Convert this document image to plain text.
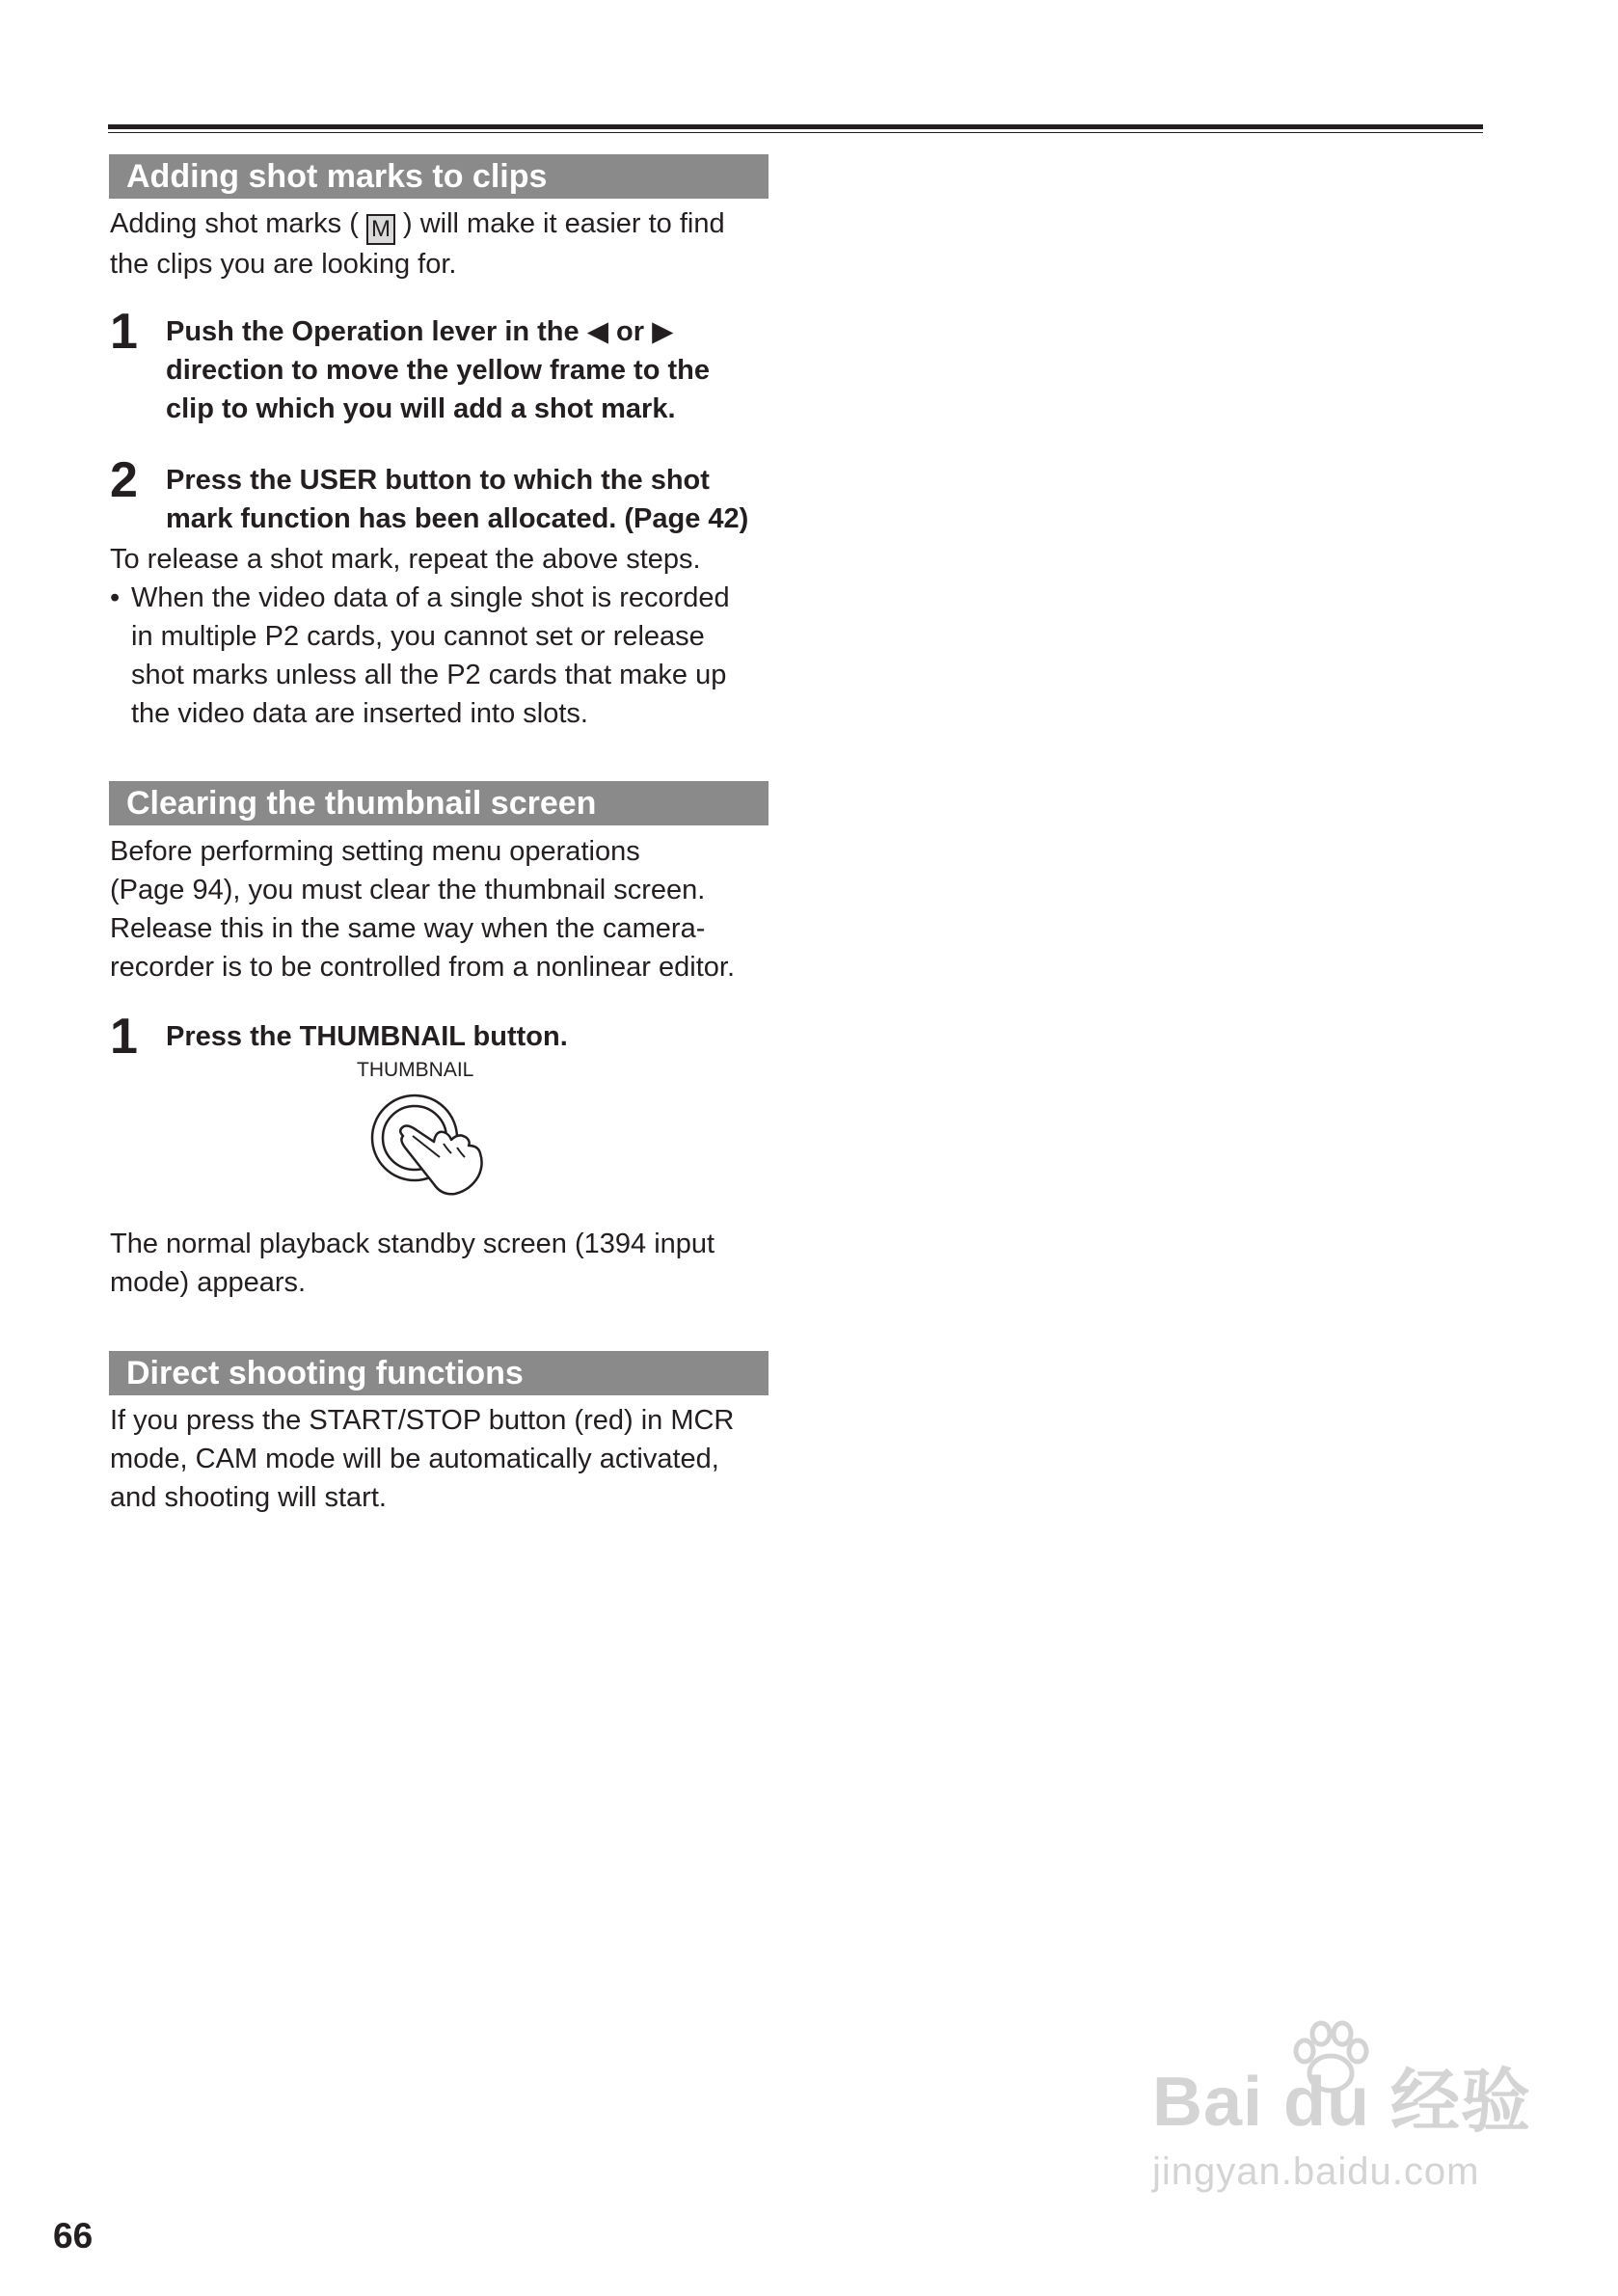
Adding shot marks to clips

Adding shot marks ( M ) will make it easier to find
the clips you are looking for.

1 Push the Operation lever in the ◀ or ▶
direction to move the yellow frame to the
clip to which you will add a shot mark.
2 Press the USER button to which the shot
mark function has been allocated. (Page 42)

To release a shot mark, repeat the above steps.

• When the video data of a single shot is recorded
in multiple P2 cards, you cannot set or release
shot marks unless all the P2 cards that make up
the video data are inserted into slots.
Clearing the thumbnail screen
Before performing setting menu operations
(Page 94), you must clear the thumbnail screen.
Release this in the same way when the camera-
recorder is to be controlled from a nonlinear editor.
1 Press the THUMBNAIL button.
THUMBNAIL
The normal playback standby screen (1394 input
mode) appears.
Direct shooting functions
If you press the START/STOP button (red) in MCR
mode, CAM mode will be automatically activated,
and shooting will start.
Bai du 经验
jingyan.baidu.com
66
